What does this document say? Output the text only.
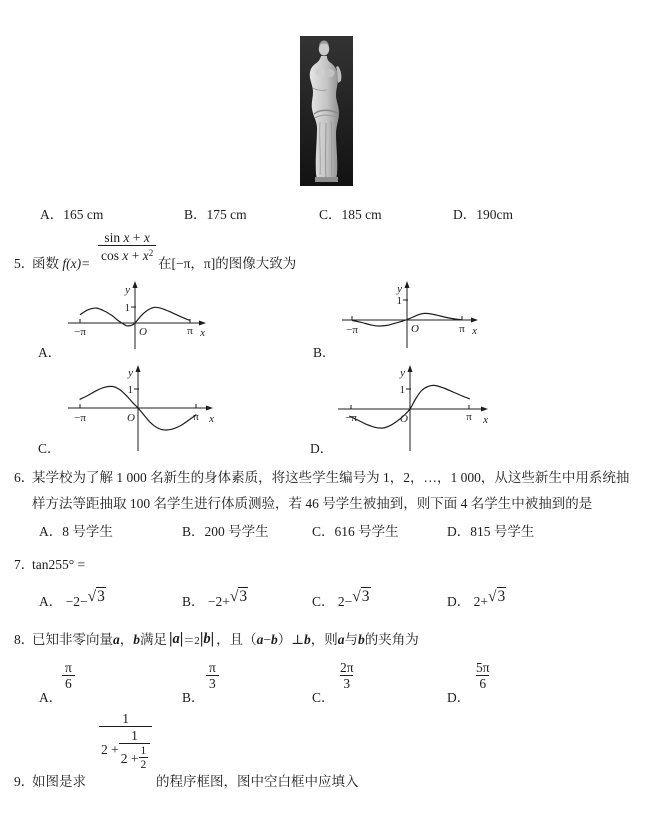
A．165 cm	B．175 cm	C．185 cm	D．190cm
5．函数 f(x)=
$\frac{\text{sin x + x}}{\cos x + x^2}$
在[−π，π]的图像大致为
A．
y
1
O
−π	π x
B．
y
1
O
−π	π x
C．
y
1
O
−π	π x
D．
y
1
O
−π	π x
6．某学校为了解 1 000 名新生的身体素质，将这些学生编号为 1，2，…，1 000，从这些新生中用系统抽
样方法等距抽取 100 名学生进行体质测验，若 46 号学生被抽到，则下面 4 名学生中被抽到的是
A．8 号学生	B．200 号学生	C．616 号学生	D．815 号学生
7．tan255° =
A． −2−√3	B． −2+√3	C． 2−√3	D． 2+√3
8．
已知非零向量 a ， b 满足 |a|＝2|b| ，且（ a − b ）⊥ b ，则 a 与 b 的夹角为
A．
$\frac{\pi}{6}$
B．
$\frac{\pi}{3}$
C．
$\frac{2\pi}{3}$
D．
$\frac{5\pi}{6}$
9．如图是求
1
$2 + \frac{1}{2 + \frac{1}{2}}$
的程序框图，图中空白框中应填入
